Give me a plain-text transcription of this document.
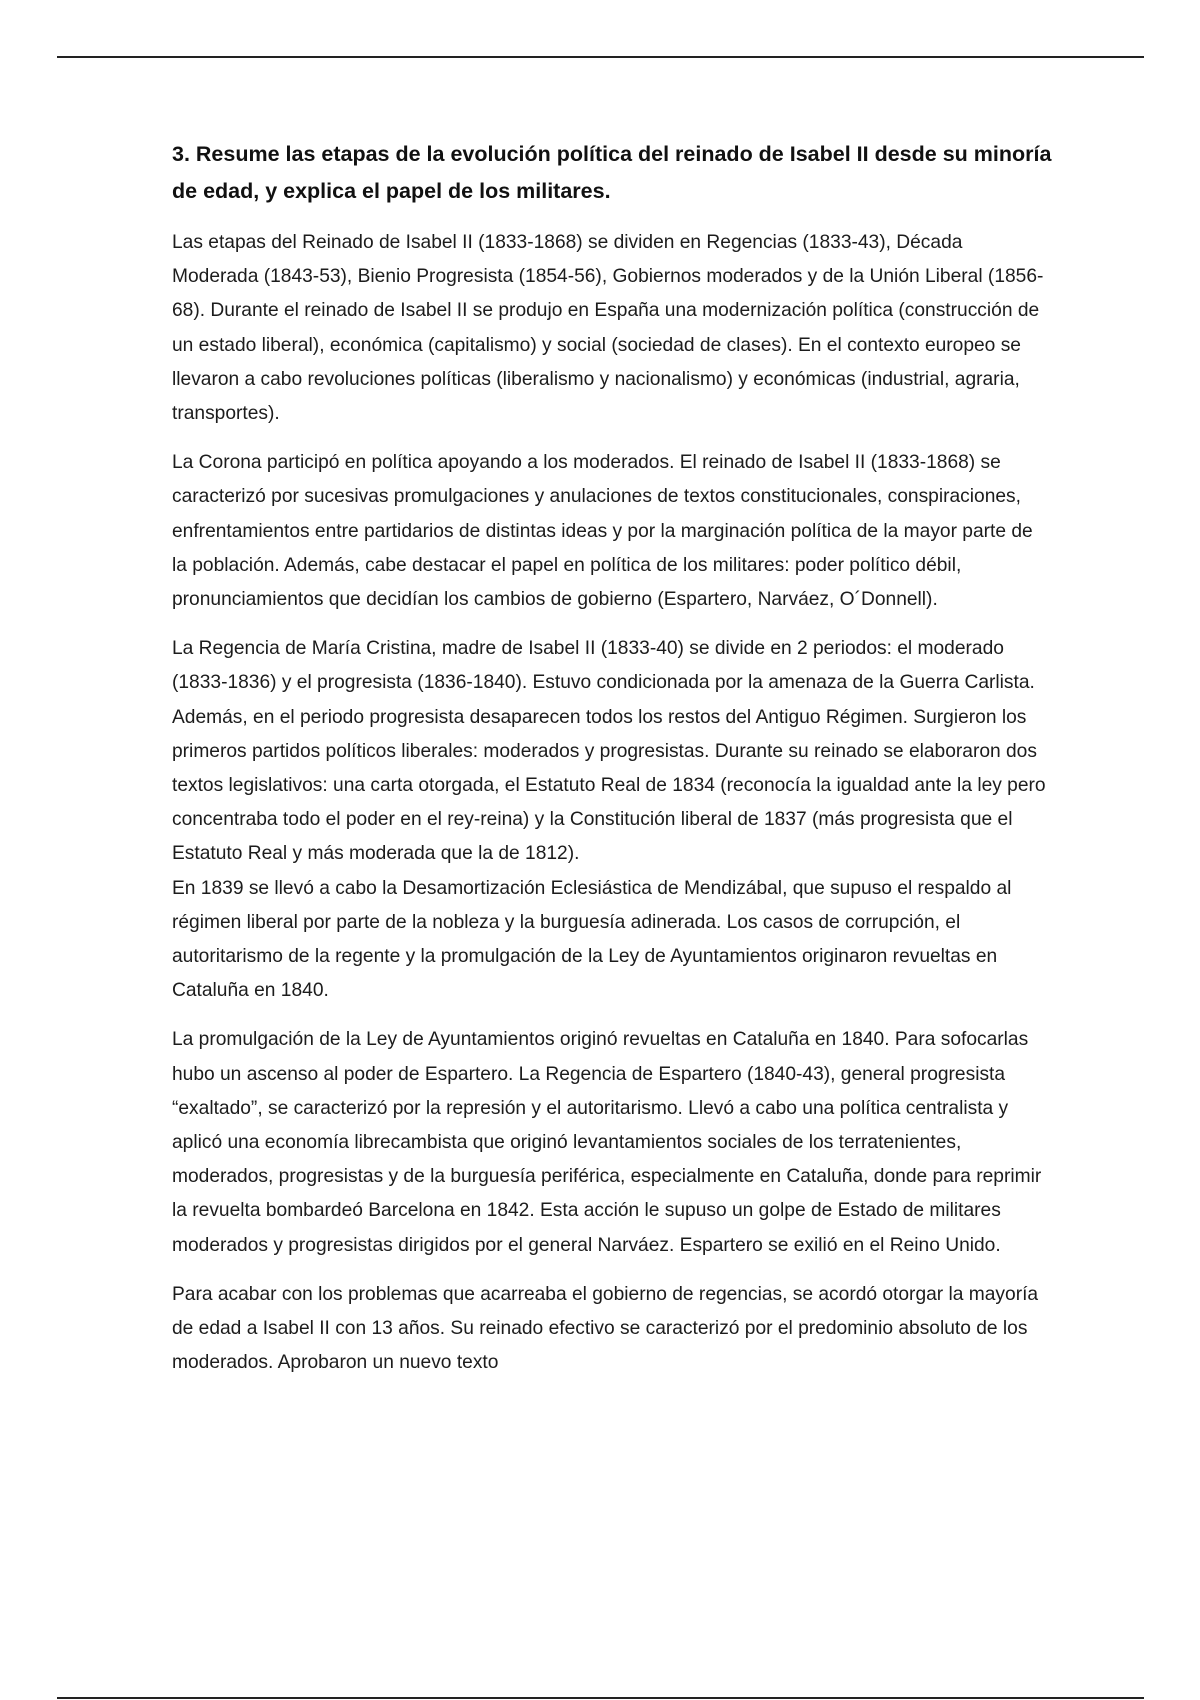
3. Resume las etapas de la evolución política del reinado de Isabel II desde su minoría de edad, y explica el papel de los militares.

Las etapas del Reinado de Isabel II (1833-1868) se dividen en Regencias (1833-43), Década Moderada (1843-53), Bienio Progresista (1854-56), Gobiernos moderados y de la Unión Liberal (1856-68). Durante el reinado de Isabel II se produjo en España una modernización política (construcción de un estado liberal), económica (capitalismo) y social (sociedad de clases). En el contexto europeo se llevaron a cabo revoluciones políticas (liberalismo y nacionalismo) y económicas (industrial, agraria, transportes).

La Corona participó en política apoyando a los moderados. El reinado de Isabel II (1833-1868) se caracterizó por sucesivas promulgaciones y anulaciones de textos constitucionales, conspiraciones, enfrentamientos entre partidarios de distintas ideas y por la marginación política de la mayor parte de la población. Además, cabe destacar el papel en política de los militares: poder político débil, pronunciamientos que decidían los cambios de gobierno (Espartero, Narváez, O´Donnell).

La Regencia de María Cristina, madre de Isabel II (1833-40) se divide en 2 periodos: el moderado (1833-1836) y el progresista (1836-1840). Estuvo condicionada por la amenaza de la Guerra Carlista. Además, en el periodo progresista desaparecen todos los restos del Antiguo Régimen. Surgieron los primeros partidos políticos liberales: moderados y progresistas. Durante su reinado se elaboraron dos textos legislativos: una carta otorgada, el Estatuto Real de 1834 (reconocía la igualdad ante la ley pero concentraba todo el poder en el rey-reina) y la Constitución liberal de 1837 (más progresista que el Estatuto Real y más moderada que la de 1812).

En 1839 se llevó a cabo la Desamortización Eclesiástica de Mendizábal, que supuso el respaldo al régimen liberal por parte de la nobleza y la burguesía adinerada. Los casos de corrupción, el autoritarismo de la regente y la promulgación de la Ley de Ayuntamientos originaron revueltas en Cataluña en 1840.

La promulgación de la Ley de Ayuntamientos originó revueltas en Cataluña en 1840. Para sofocarlas hubo un ascenso al poder de Espartero. La Regencia de Espartero (1840-43), general progresista “exaltado”, se caracterizó por la represión y el autoritarismo. Llevó a cabo una política centralista y aplicó una economía librecambista que originó levantamientos sociales de los terratenientes, moderados, progresistas y de la burguesía periférica, especialmente en Cataluña, donde para reprimir la revuelta bombardeó Barcelona en 1842. Esta acción le supuso un golpe de Estado de militares moderados y progresistas dirigidos por el general Narváez. Espartero se exilió en el Reino Unido.

Para acabar con los problemas que acarreaba el gobierno de regencias, se acordó otorgar la mayoría de edad a Isabel II con 13 años. Su reinado efectivo se caracterizó por el predominio absoluto de los moderados. Aprobaron un nuevo texto
